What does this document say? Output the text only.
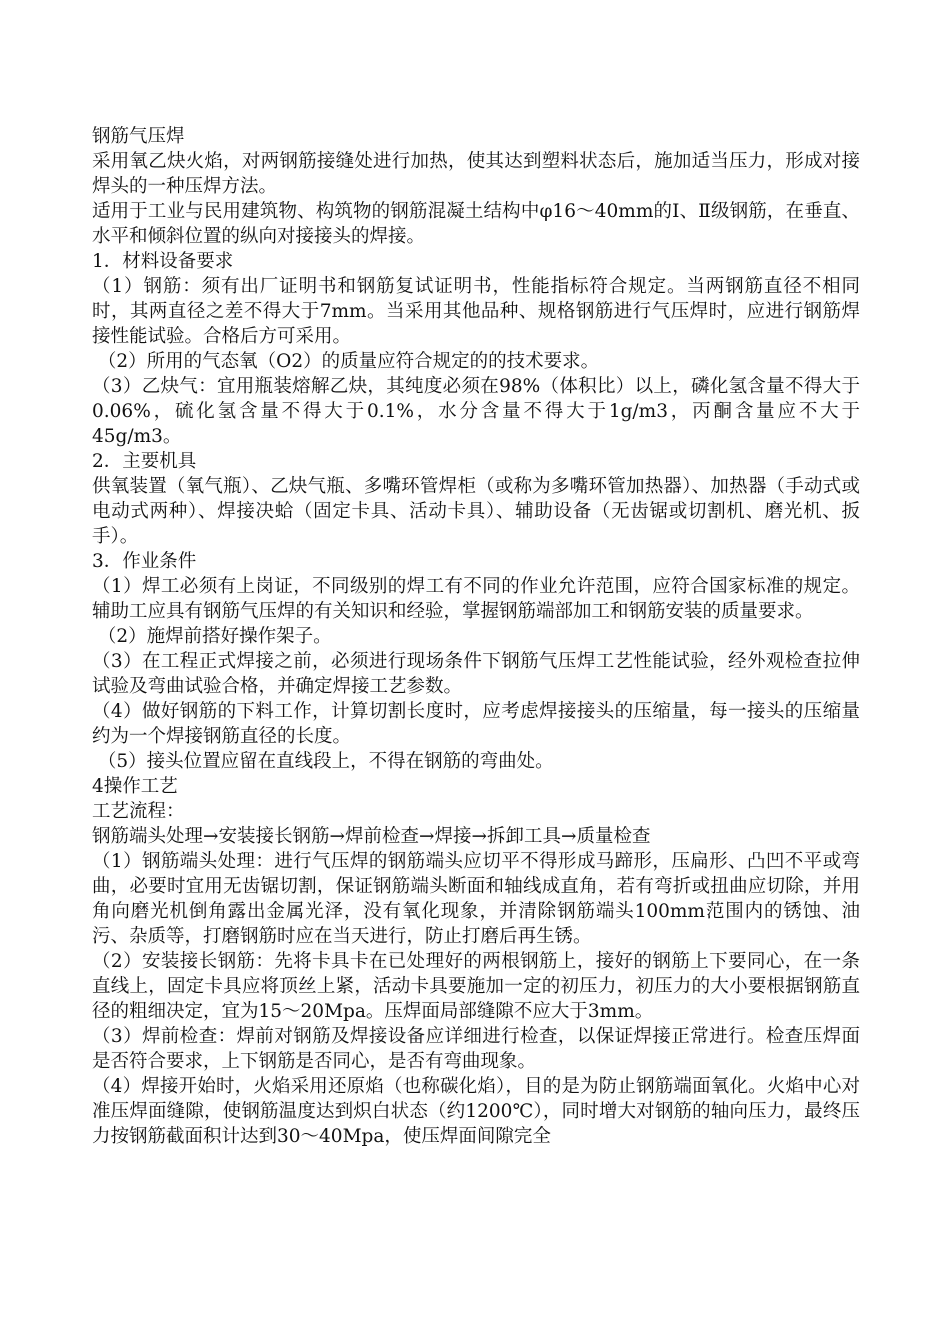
钢筋气压焊

采用氧乙炔火焰，对两钢筋接缝处进行加热，使其达到塑料状态后，施加适当压力，形成对接焊头的一种压焊方法。

适用于工业与民用建筑物、构筑物的钢筋混凝土结构中φ16～40mm的Ⅰ、Ⅱ级钢筋，在垂直、水平和倾斜位置的纵向对接接头的焊接。

1．材料设备要求

（1）钢筋：须有出厂证明书和钢筋复试证明书，性能指标符合规定。当两钢筋直径不相同时，其两直径之差不得大于7mm。当采用其他品种、规格钢筋进行气压焊时，应进行钢筋焊接性能试验。合格后方可采用。

（2）所用的气态氧（O2）的质量应符合规定的的技术要求。

（3）乙炔气：宜用瓶装熔解乙炔，其纯度必须在98%（体积比）以上，磷化氢含量不得大于0.06%，硫化氢含量不得大于0.1%，水分含量不得大于1g/m3，丙酮含量应不大于45g/m3。

2．主要机具

供氧装置（氧气瓶）、乙炔气瓶、多嘴环管焊柜（或称为多嘴环管加热器）、加热器（手动式或电动式两种）、焊接决蛤（固定卡具、活动卡具）、辅助设备（无齿锯或切割机、磨光机、扳手）。

3．作业条件

（1）焊工必须有上岗证，不同级别的焊工有不同的作业允许范围，应符合国家标准的规定。辅助工应具有钢筋气压焊的有关知识和经验，掌握钢筋端部加工和钢筋安装的质量要求。

（2）施焊前搭好操作架子。

（3）在工程正式焊接之前，必须进行现场条件下钢筋气压焊工艺性能试验，经外观检查拉伸试验及弯曲试验合格，并确定焊接工艺参数。

（4）做好钢筋的下料工作，计算切割长度时，应考虑焊接接头的压缩量，每一接头的压缩量约为一个焊接钢筋直径的长度。

（5）接头位置应留在直线段上，不得在钢筋的弯曲处。

4操作工艺

工艺流程：

钢筋端头处理→安装接长钢筋→焊前检查→焊接→拆卸工具→质量检查

（1）钢筋端头处理：进行气压焊的钢筋端头应切平不得形成马蹄形，压扁形、凸凹不平或弯曲，必要时宜用无齿锯切割，保证钢筋端头断面和轴线成直角，若有弯折或扭曲应切除，并用角向磨光机倒角露出金属光泽，没有氧化现象，并清除钢筋端头100mm范围内的锈蚀、油污、杂质等，打磨钢筋时应在当天进行，防止打磨后再生锈。

（2）安装接长钢筋：先将卡具卡在已处理好的两根钢筋上，接好的钢筋上下要同心，在一条直线上，固定卡具应将顶丝上紧，活动卡具要施加一定的初压力，初压力的大小要根据钢筋直径的粗细决定，宜为15～20Mpa。压焊面局部缝隙不应大于3mm。

（3）焊前检查：焊前对钢筋及焊接设备应详细进行检查，以保证焊接正常进行。检查压焊面是否符合要求，上下钢筋是否同心，是否有弯曲现象。

（4）焊接开始时，火焰采用还原焰（也称碳化焰），目的是为防止钢筋端面氧化。火焰中心对准压焊面缝隙，使钢筋温度达到炽白状态（约1200℃），同时增大对钢筋的轴向压力，最终压力按钢筋截面积计达到30～40Mpa，使压焊面间隙完全
